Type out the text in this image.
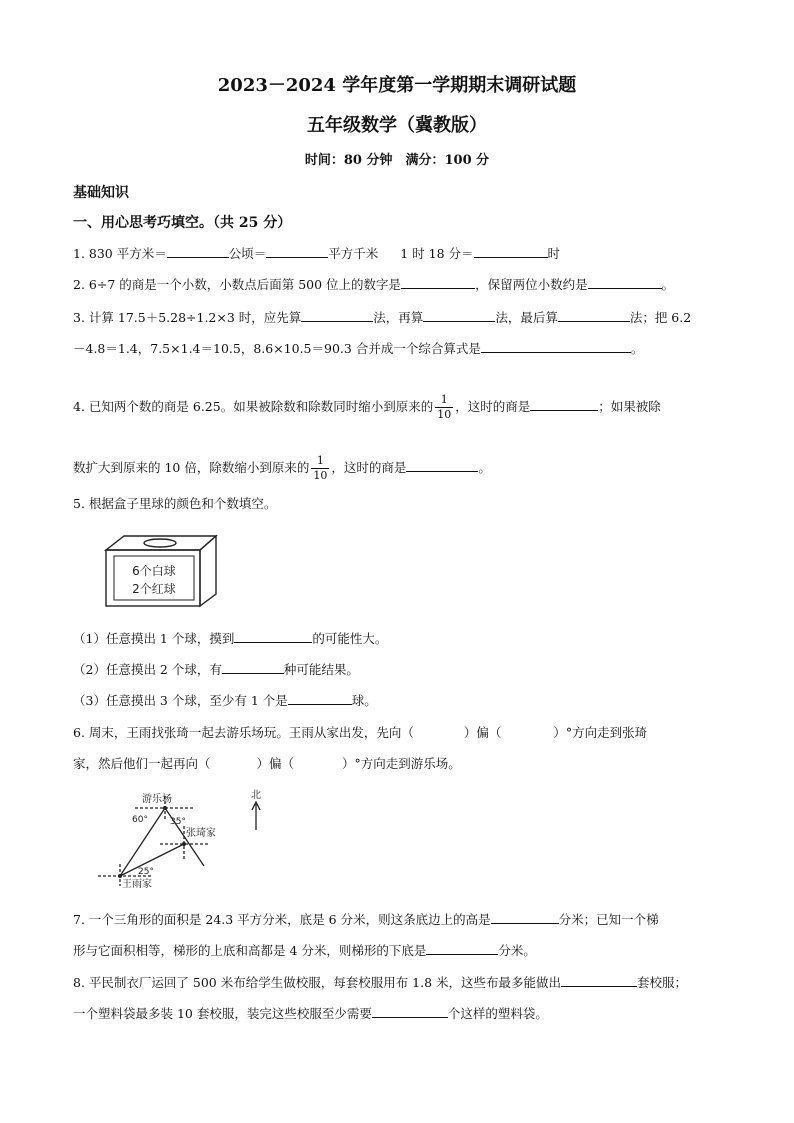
2023－2024 学年度第一学期期末调研试题
五年级数学（冀教版）
时间：80 分钟　满分：100 分
基础知识
一、用心思考巧填空。（共 25 分）
1. 830 平方米＝	公顷＝	平方千米 1 时 18 分＝	时
2. 6÷7 的商是一个小数，小数点后面第 500 位上的数字是	，保留两位小数约是	。
3. 计算 17.5＋5.28÷1.2×3 时，应先算	法，再算	法，最后算	法；把 6.2
－4.8＝1.4，7.5×1.4＝10.5，8.6×10.5＝90.3 合并成一个综合算式是	。
4. 已知两个数的商是 6.25。如果被除数和除数同时缩小到原来的 $\frac{1}{10}$ ，这时的商是	；如果被除
数扩大到原来的 10 倍，除数缩小到原来的 $\frac{1}{10}$ ，这时的商是	。
5. 根据盒子里球的颜色和个数填空。
6个白球
2个红球
（1）任意摸出 1 个球，摸到	的可能性大。
（2）任意摸出 2 个球，有	种可能结果。
（3）任意摸出 3 个球，至少有 1 个是	球。
6. 周末，王雨找张琦一起去游乐场玩。王雨从家出发，先向（	）偏（	）°方向走到张琦
家，然后他们一起再向（	）偏（	）°方向走到游乐场。
游乐场
张琦家
王雨家
60° 35°
25°
北
7. 一个三角形的面积是 24.3 平方分米，底是 6 分米，则这条底边上的高是	分米；已知一个梯
形与它面积相等，梯形的上底和高都是 4 分米，则梯形的下底是	分米。
8. 平民制衣厂运回了 500 米布给学生做校服，每套校服用布 1.8 米，这些布最多能做出	套校服；
一个塑料袋最多装 10 套校服，装完这些校服至少需要	个这样的塑料袋。
